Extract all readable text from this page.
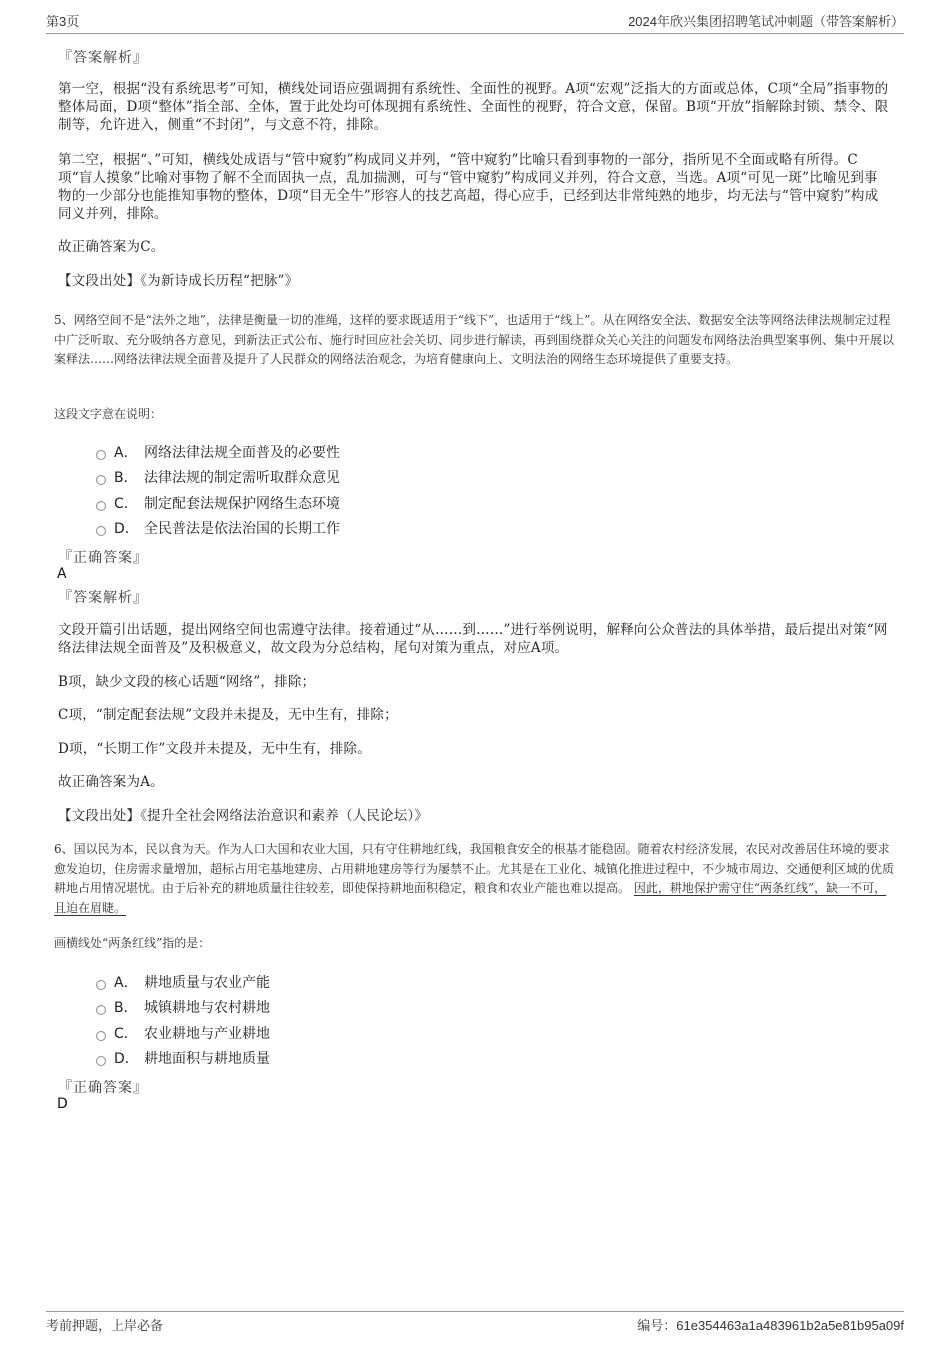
第3页	2024年欣兴集团招聘笔试冲刺题（带答案解析）
『答案解析』
第一空，根据“没有系统思考”可知，横线处词语应强调拥有系统性、全面性的视野。A项“宏观”泛指大的方面或总体，C项“全局”指事物的整体局面，D项“整体”指全部、全体，置于此处均可体现拥有系统性、全面性的视野，符合文意，保留。B项“开放”指解除封锁、禁令、限制等，允许进入，侧重“不封闭”，与文意不符，排除。
第二空，根据“、”可知，横线处成语与“管中窥豹”构成同义并列，“管中窥豹”比喻只看到事物的一部分，指所见不全面或略有所得。C项“盲人摸象”比喻对事物了解不全而固执一点，乱加揣测，可与“管中窥豹”构成同义并列，符合文意，当选。A项“可见一斑”比喻见到事物的一少部分也能推知事物的整体，D项“目无全牛”形容人的技艺高超，得心应手，已经到达非常纯熟的地步，均无法与“管中窥豹”构成同义并列，排除。
故正确答案为C。
【文段出处】《为新诗成长历程“把脉”》
5、网络空间不是“法外之地”，法律是衡量一切的准绳，这样的要求既适用于“线下”，也适用于“线上”。从在网络安全法、数据安全法等网络法律法规制定过程中广泛听取、充分吸纳各方意见，到新法正式公布、施行时回应社会关切、同步进行解读，再到围绕群众关心关注的问题发布网络法治典型案事例、集中开展以案释法……网络法律法规全面普及提升了人民群众的网络法治观念，为培育健康向上、文明法治的网络生态环境提供了重要支持。
这段文字意在说明：
A． 网络法律法规全面普及的必要性
B． 法律法规的制定需听取群众意见
C． 制定配套法规保护网络生态环境
D． 全民普法是依法治国的长期工作
『正确答案』
A
『答案解析』
文段开篇引出话题，提出网络空间也需遵守法律。接着通过“从……到……”进行举例说明，解释向公众普法的具体举措，最后提出对策“网络法律法规全面普及”及积极意义，故文段为分总结构，尾句对策为重点，对应A项。
B项，缺少文段的核心话题“网络”，排除；
C项，“制定配套法规”文段并未提及，无中生有，排除；
D项，“长期工作”文段并未提及，无中生有，排除。
故正确答案为A。
【文段出处】《提升全社会网络法治意识和素养（人民论坛）》
6、国以民为本，民以食为天。作为人口大国和农业大国，只有守住耕地红线，我国粮食安全的根基才能稳固。随着农村经济发展，农民对改善居住环境的要求愈发迫切，住房需求量增加，超标占用宅基地建房、占用耕地建房等行为屡禁不止。尤其是在工业化、城镇化推进过程中，不少城市周边、交通便利区域的优质耕地占用情况堪忧。由于后补充的耕地质量往往较差，即使保持耕地面积稳定，粮食和农业产能也难以提高。 因此，耕地保护需守住“两条红线”，缺一不可，且迫在眉睫。
画横线处“两条红线”指的是：
A． 耕地质量与农业产能
B． 城镇耕地与农村耕地
C． 农业耕地与产业耕地
D． 耕地面积与耕地质量
『正确答案』
D
考前押题，上岸必备	编号：61e354463a1a483961b2a5e81b95a09f
